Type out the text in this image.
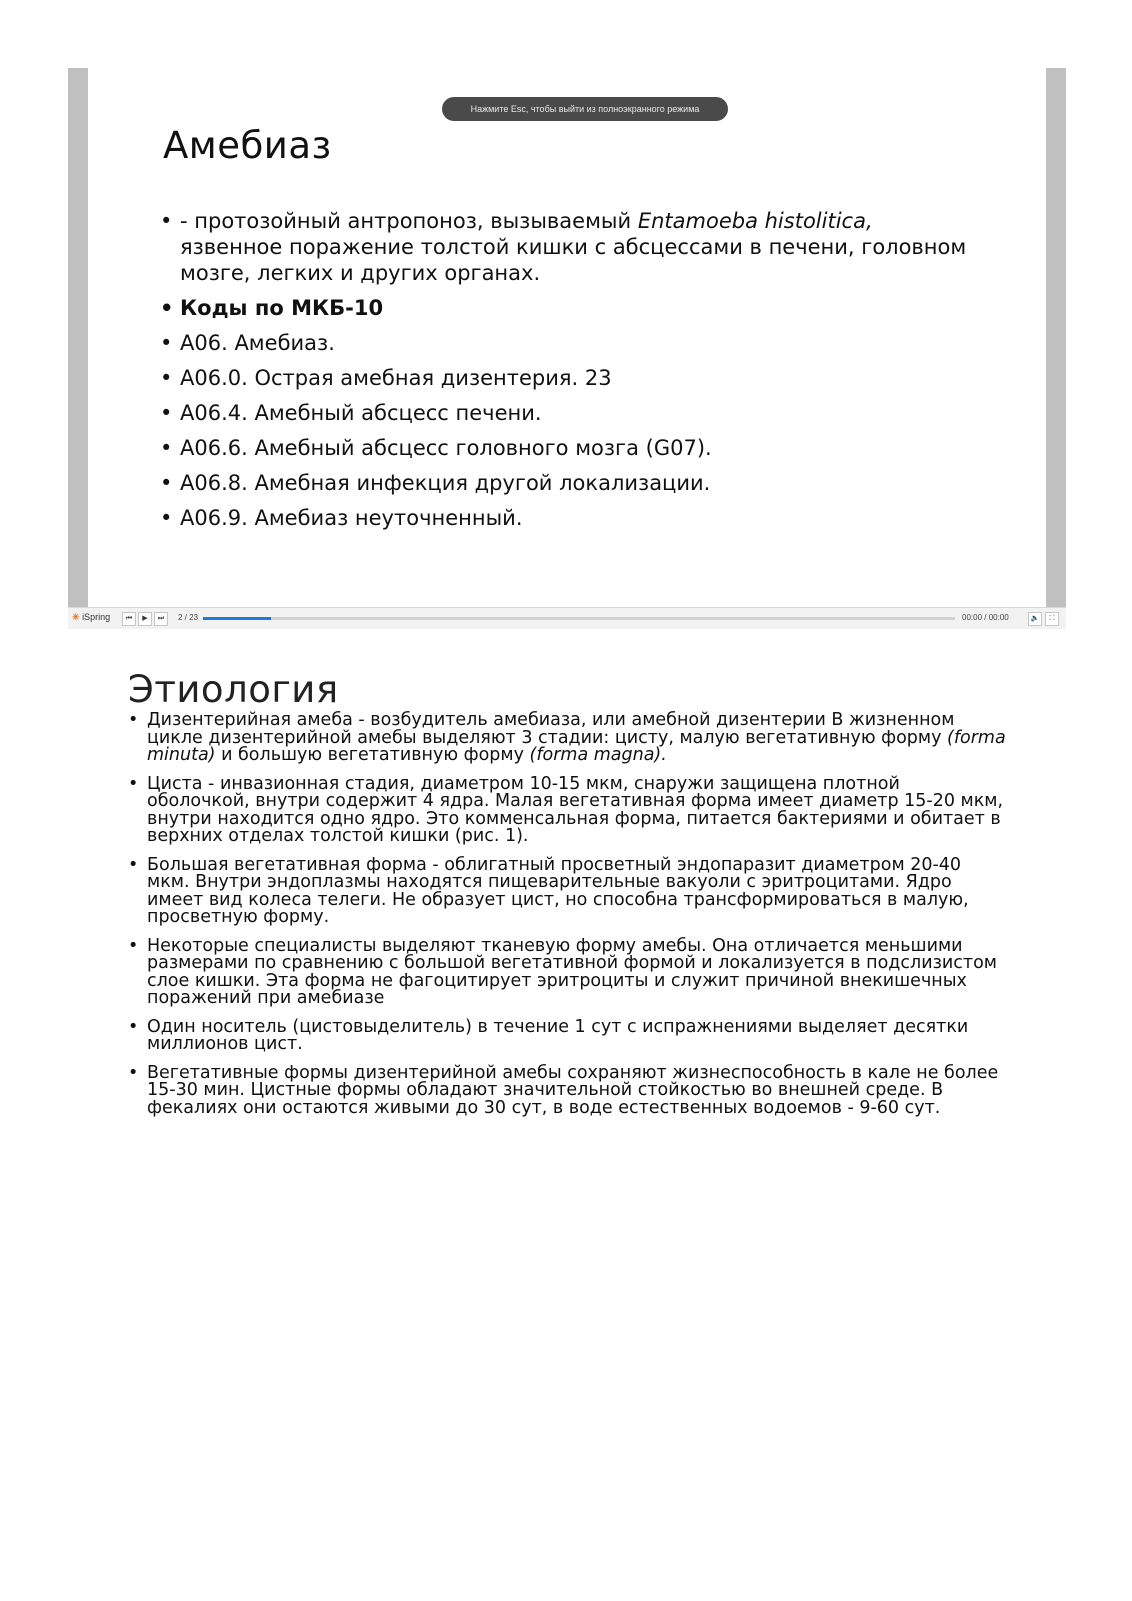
Нажмите Esc, чтобы выйти из полноэкранного режима
Амебиаз
• - протозойный антропоноз, вызываемый Entamoeba histolitica, язвенное поражение толстой кишки с абсцессами в печени, головном мозге, легких и других органах.
• Коды по МКБ-10
• А06. Амебиаз.
• А06.0. Острая амебная дизентерия. 23
• А06.4. Амебный абсцесс печени.
• А06.6. Амебный абсцесс головного мозга (G07).
• А06.8. Амебная инфекция другой локализации.
• А06.9. Амебиаз неуточненный.
✳ iSpring	⏮	▶	⏭	2 / 23	00:00 / 00:00	🔈	⛶
Этиология
• Дизентерийная амеба - возбудитель амебиаза, или амебной дизентерии В жизненном цикле дизентерийной амебы выделяют 3 стадии: цисту, малую вегетативную форму (forma minuta) и большую вегетативную форму (forma magna).
• Циста - инвазионная стадия, диаметром 10-15 мкм, снаружи защищена плотной оболочкой, внутри содержит 4 ядра. Малая вегетативная форма имеет диаметр 15-20 мкм, внутри находится одно ядро. Это комменсальная форма, питается бактериями и обитает в верхних отделах толстой кишки (рис. 1).
• Большая вегетативная форма - облигатный просветный эндопаразит диаметром 20-40 мкм. Внутри эндоплазмы находятся пищеварительные вакуоли с эритроцитами. Ядро имеет вид колеса телеги. Не образует цист, но способна трансформироваться в малую, просветную форму.
• Некоторые специалисты выделяют тканевую форму амебы. Она отличается меньшими размерами по сравнению с большой вегетативной формой и локализуется в подслизистом слое кишки. Эта форма не фагоцитирует эритроциты и служит причиной внекишечных поражений при амебиазе
• Один носитель (цистовыделитель) в течение 1 сут с испражнениями выделяет десятки миллионов цист.
• Вегетативные формы дизентерийной амебы сохраняют жизнеспособность в кале не более 15-30 мин. Цистные формы обладают значительной стойкостью во внешней среде. В фекалиях они остаются живыми до 30 сут, в воде естественных водоемов - 9-60 сут.
